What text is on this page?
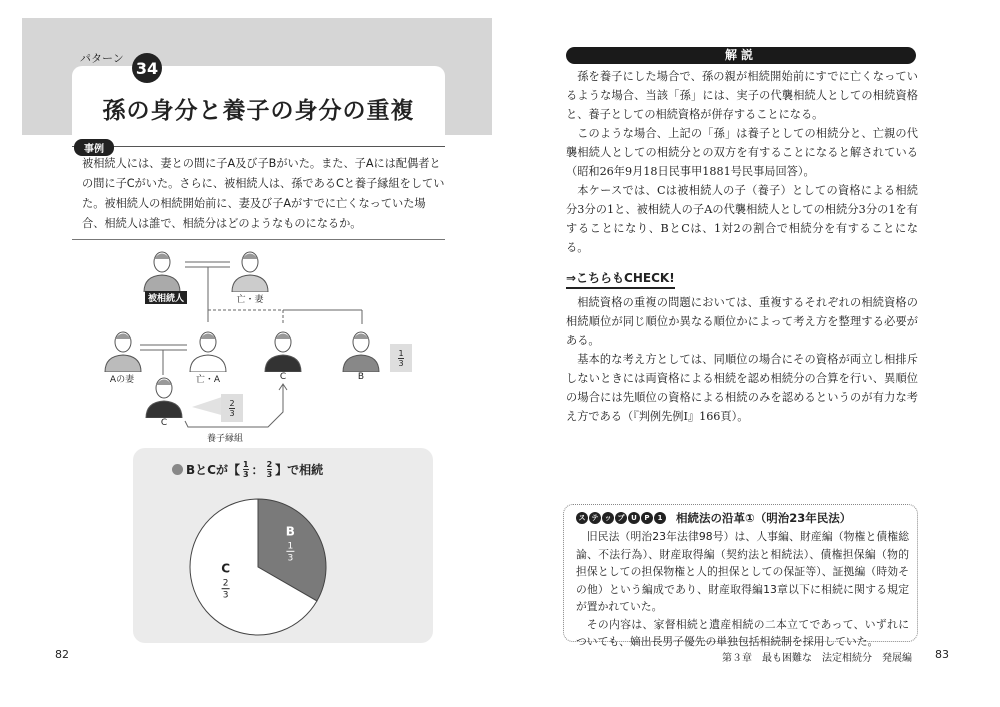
パターン 34
孫の身分と養子の身分の重複
事例
被相続人には、妻との間に子A及び子Bがいた。また、子Aには配偶者との間に子Cがいた。さらに、被相続人は、孫であるCと養子縁組をしていた。被相続人の相続開始前に、妻及び子Aがすでに亡くなっていた場合、相続人は誰で、相続分はどのようなものになるか。
被相続人	亡・妻
Aの妻	亡・A	C	B
C
養子縁組
$\frac{1}{3}$
$\frac{2}{3}$
BとCが【 $\frac{1}{3}$ ： $\frac{2}{3}$ 】で相続
B
1
3
C
2
3
82
解説

孫を養子にした場合で、孫の親が相続開始前にすでに亡くなっているような場合、当該「孫」には、実子の代襲相続人としての相続資格と、養子としての相続資格が併存することになる。

このような場合、上記の「孫」は養子としての相続分と、亡親の代襲相続人としての相続分との双方を有することになると解されている（昭和26年9月18日民事甲1881号民事局回答）。

本ケースでは、Cは被相続人の子（養子）としての資格による相続分3分の1と、被相続人の子Aの代襲相続人としての相続分3分の1を有することになり、BとCは、1対2の割合で相続分を有することになる。

⇒こちらもCHECK!

相続資格の重複の問題においては、重複するそれぞれの相続資格の相続順位が同じ順位か異なる順位かによって考え方を整理する必要がある。

基本的な考え方としては、同順位の場合にその資格が両立し相排斥しないときには両資格による相続を認め相続分の合算を行い、異順位の場合には先順位の資格による相続のみを認めるというのが有力な考え方である（『判例先例Ⅰ』166頁）。

ス テ ッ プ U	P	1	相続法の沿革①（明治23年民法）

旧民法（明治23年法律98号）は、人事編、財産編（物権と債権総論、不法行為）、財産取得編（契約法と相続法）、債権担保編（物的担保としての担保物権と人的担保としての保証等）、証拠編（時効その他）という編成であり、財産取得編13章以下に相続に関する規定が置かれていた。

その内容は、家督相続と遺産相続の二本立てであって、いずれについても、嫡出長男子優先の単独包括相続制を採用していた。

第３章　最も困難な　法定相続分　発展編 83
